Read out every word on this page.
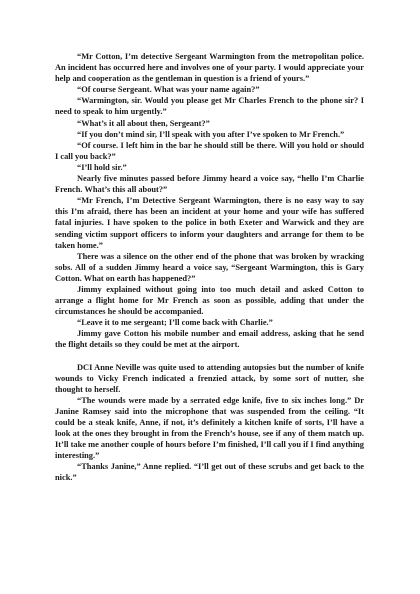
“Mr Cotton, I’m detective Sergeant Warmington from the metropolitan police. An incident has occurred here and involves one of your party. I would appreciate your help and cooperation as the gentleman in question is a friend of yours.”

“Of course Sergeant. What was your name again?”

“Warmington, sir. Would you please get Mr Charles French to the phone sir? I need to speak to him urgently.”

“What’s it all about then, Sergeant?”

“If you don’t mind sir, I’ll speak with you after I’ve spoken to Mr French.”

“Of course. I left him in the bar he should still be there. Will you hold or should I call you back?”

“I’ll hold sir.”

Nearly five minutes passed before Jimmy heard a voice say, “hello I’m Charlie French. What’s this all about?”

“Mr French, I’m Detective Sergeant Warmington, there is no easy way to say this I’m afraid, there has been an incident at your home and your wife has suffered fatal injuries. I have spoken to the police in both Exeter and Warwick and they are sending victim support officers to inform your daughters and arrange for them to be taken home.”

There was a silence on the other end of the phone that was broken by wracking sobs. All of a sudden Jimmy heard a voice say, “Sergeant Warmington, this is Gary Cotton. What on earth has happened?”

Jimmy explained without going into too much detail and asked Cotton to arrange a flight home for Mr French as soon as possible, adding that under the circumstances he should be accompanied.

“Leave it to me sergeant; I’ll come back with Charlie.”

Jimmy gave Cotton his mobile number and email address, asking that he send the flight details so they could be met at the airport.

DCI Anne Neville was quite used to attending autopsies but the number of knife wounds to Vicky French indicated a frenzied attack, by some sort of nutter, she thought to herself.

“The wounds were made by a serrated edge knife, five to six inches long.” Dr Janine Ramsey said into the microphone that was suspended from the ceiling. “It could be a steak knife, Anne, if not, it’s definitely a kitchen knife of sorts, I’ll have a look at the ones they brought in from the French’s house, see if any of them match up. It’ll take me another couple of hours before I’m finished, I’ll call you if I find anything interesting.”

“Thanks Janine,” Anne replied. “I’ll get out of these scrubs and get back to the nick.”
